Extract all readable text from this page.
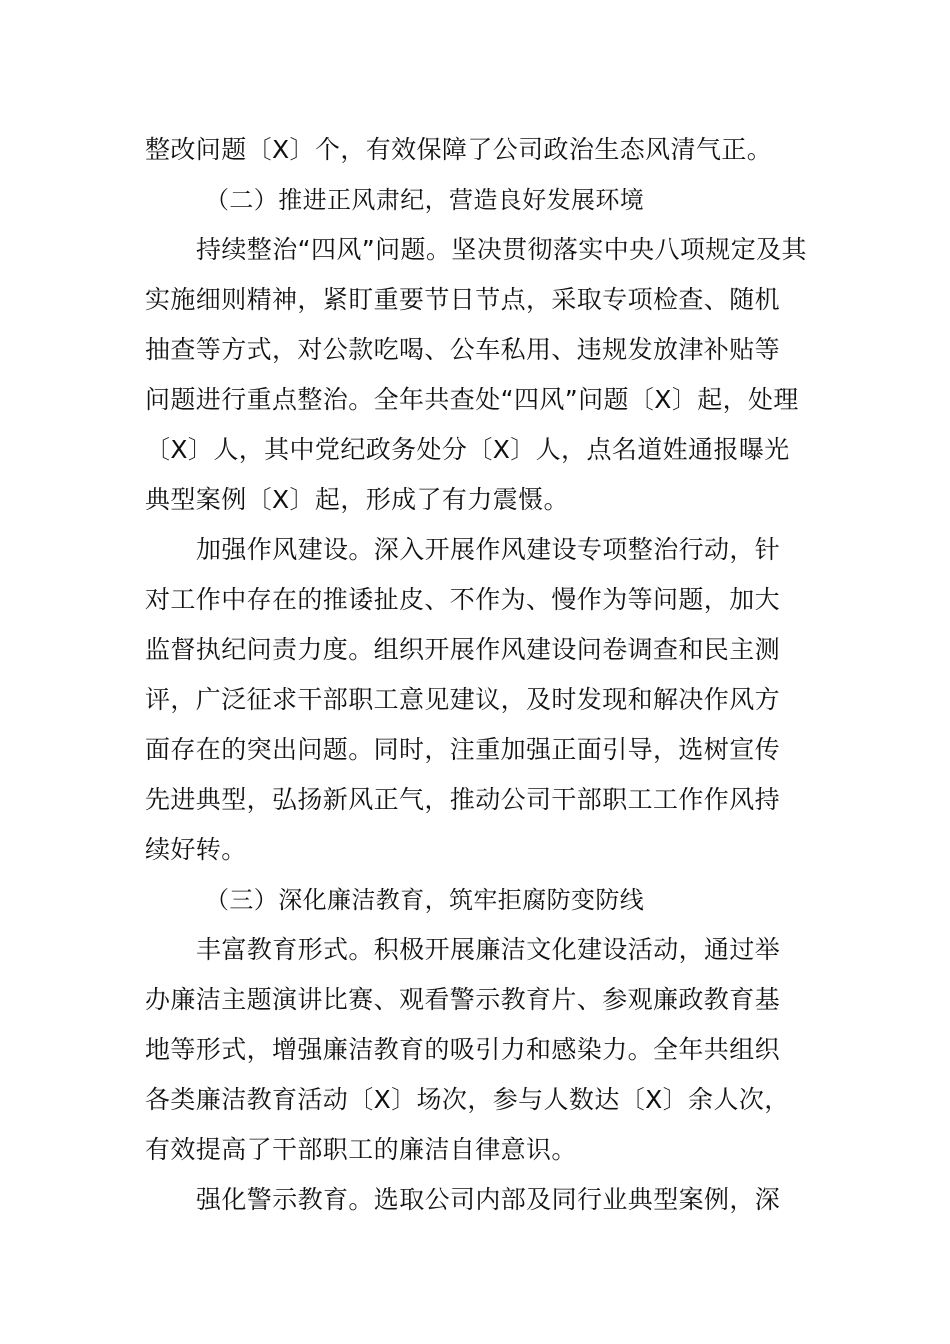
整改问题〔X〕个，有效保障了公司政治生态风清气正。
（二）推进正风肃纪，营造良好发展环境
持续整治“四风”问题。坚决贯彻落实中央八项规定及其
实施细则精神，紧盯重要节日节点，采取专项检查、随机
抽查等方式，对公款吃喝、公车私用、违规发放津补贴等
问题进行重点整治。全年共查处“四风”问题〔X〕起，处理
〔X〕人，其中党纪政务处分〔X〕人，点名道姓通报曝光
典型案例〔X〕起，形成了有力震慑。
加强作风建设。深入开展作风建设专项整治行动，针
对工作中存在的推诿扯皮、不作为、慢作为等问题，加大
监督执纪问责力度。组织开展作风建设问卷调查和民主测
评，广泛征求干部职工意见建议，及时发现和解决作风方
面存在的突出问题。同时，注重加强正面引导，选树宣传
先进典型，弘扬新风正气，推动公司干部职工工作作风持
续好转。
（三）深化廉洁教育，筑牢拒腐防变防线
丰富教育形式。积极开展廉洁文化建设活动，通过举
办廉洁主题演讲比赛、观看警示教育片、参观廉政教育基
地等形式，增强廉洁教育的吸引力和感染力。全年共组织
各类廉洁教育活动〔X〕场次，参与人数达〔X〕余人次，
有效提高了干部职工的廉洁自律意识。
强化警示教育。选取公司内部及同行业典型案例，深
